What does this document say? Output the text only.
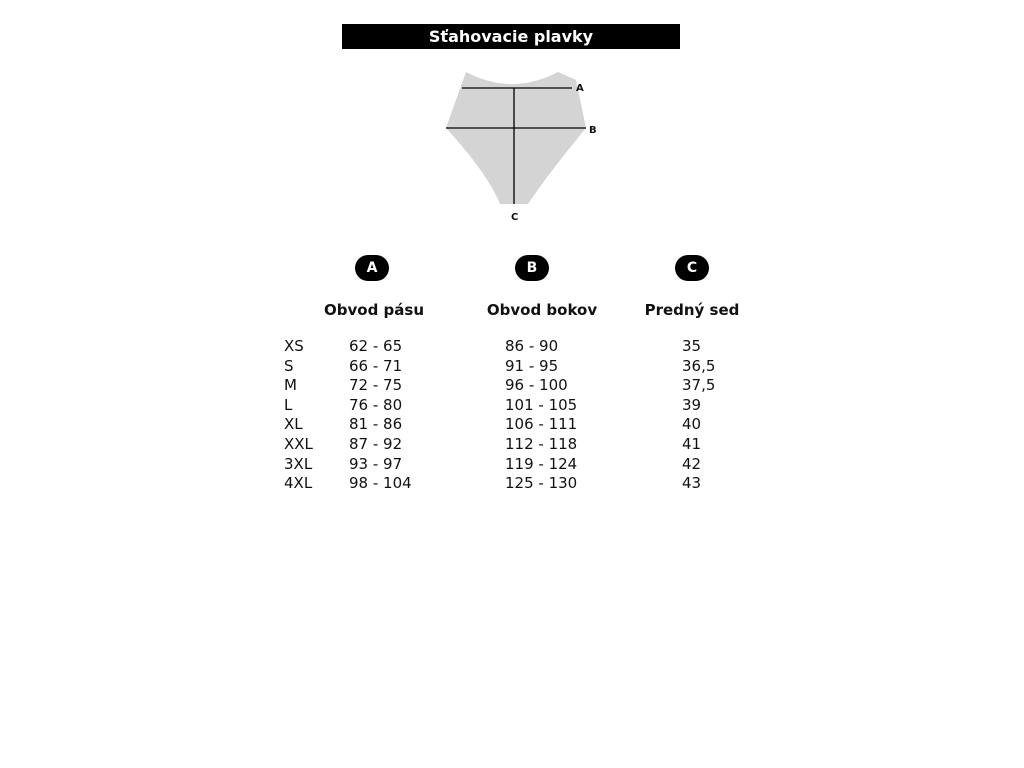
Sťahovacie plavky
A
B
C
A	B	C
Obvod pásu	Obvod bokov	Predný sed
XS	62 - 65	86 - 90	35
S	66 - 71	91 - 95	36,5
M	72 - 75	96 - 100	37,5
L	76 - 80	101 - 105	39
XL	81 - 86	106 - 111	40
XXL 87 - 92	112 - 118	41
3XL 93 - 97	119 - 124	42
4XL 98 - 104	125 - 130	43
